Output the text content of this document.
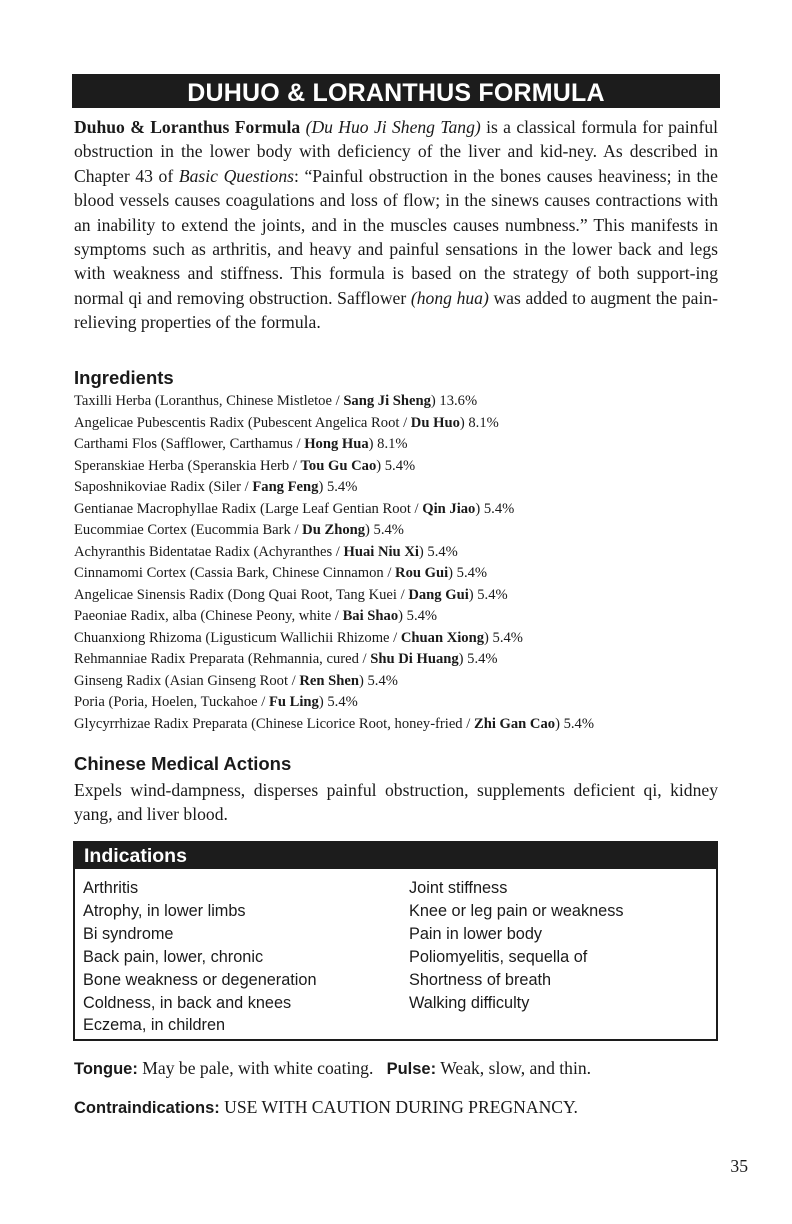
DUHUO & LORANTHUS FORMULA

Duhuo & Loranthus Formula (Du Huo Ji Sheng Tang) is a classical formula for painful obstruction in the lower body with deficiency of the liver and kid-ney. As described in Chapter 43 of Basic Questions: “Painful obstruction in the bones causes heaviness; in the blood vessels causes coagulations and loss of flow; in the sinews causes contractions with an inability to extend the joints, and in the muscles causes numbness.” This manifests in symptoms such as arthritis, and heavy and painful sensations in the lower back and legs with weakness and stiffness. This formula is based on the strategy of both support-ing normal qi and removing obstruction. Safflower (hong hua) was added to augment the pain-relieving properties of the formula.

Ingredients
Taxilli Herba (Loranthus, Chinese Mistletoe / Sang Ji Sheng) 13.6%
Angelicae Pubescentis Radix (Pubescent Angelica Root / Du Huo) 8.1%
Carthami Flos (Safflower, Carthamus / Hong Hua) 8.1%
Speranskiae Herba (Speranskia Herb / Tou Gu Cao) 5.4%
Saposhnikoviae Radix (Siler / Fang Feng) 5.4%
Gentianae Macrophyllae Radix (Large Leaf Gentian Root / Qin Jiao) 5.4%
Eucommiae Cortex (Eucommia Bark / Du Zhong) 5.4%
Achyranthis Bidentatae Radix (Achyranthes / Huai Niu Xi) 5.4%
Cinnamomi Cortex (Cassia Bark, Chinese Cinnamon / Rou Gui) 5.4%
Angelicae Sinensis Radix (Dong Quai Root, Tang Kuei / Dang Gui) 5.4%
Paeoniae Radix, alba (Chinese Peony, white / Bai Shao) 5.4%
Chuanxiong Rhizoma (Ligusticum Wallichii Rhizome / Chuan Xiong) 5.4%
Rehmanniae Radix Preparata (Rehmannia, cured / Shu Di Huang) 5.4%
Ginseng Radix (Asian Ginseng Root / Ren Shen) 5.4%
Poria (Poria, Hoelen, Tuckahoe / Fu Ling) 5.4%
Glycyrrhizae Radix Preparata (Chinese Licorice Root, honey-fried / Zhi Gan Cao) 5.4%
Chinese Medical Actions

Expels wind-dampness, disperses painful obstruction, supplements deficient qi, kidney yang, and liver blood.

Indications
Arthritis
Atrophy, in lower limbs
Bi syndrome
Back pain, lower, chronic
Bone weakness or degeneration
Coldness, in back and knees
Eczema, in children
Joint stiffness
Knee or leg pain or weakness
Pain in lower body
Poliomyelitis, sequella of
Shortness of breath
Walking difficulty

Tongue: May be pale, with white coating. Pulse: Weak, slow, and thin.

Contraindications: USE WITH CAUTION DURING PREGNANCY.

35
